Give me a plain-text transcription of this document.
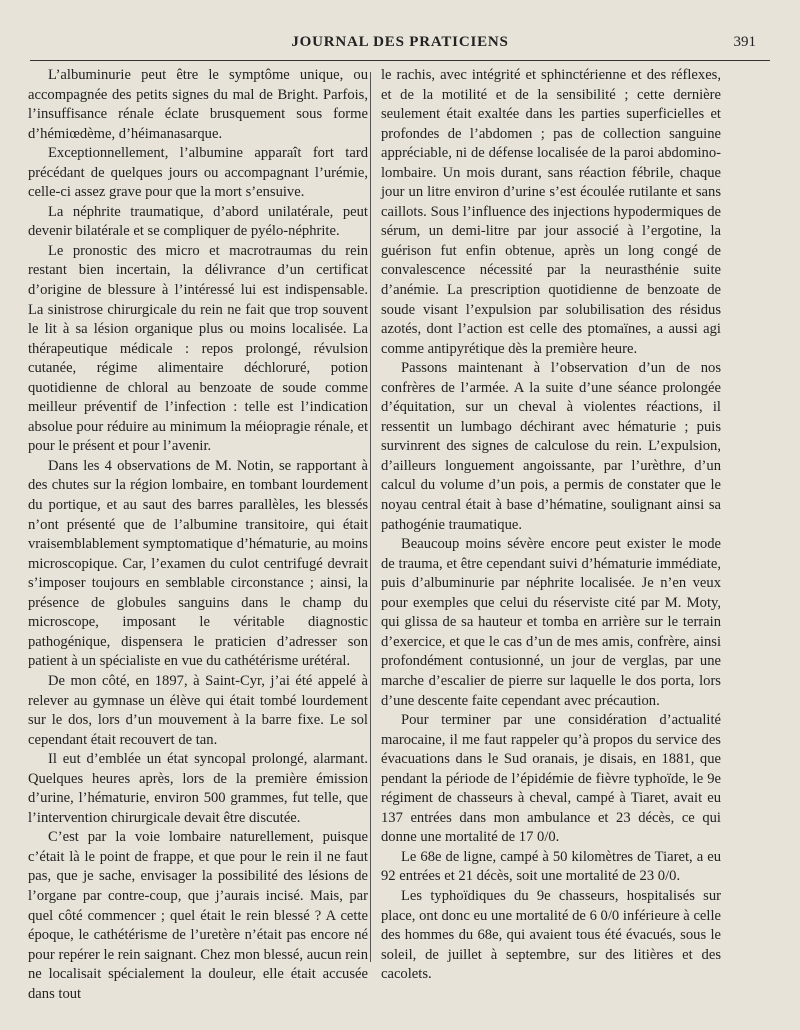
JOURNAL DES PRATICIENS	391

L’albuminurie peut être le symptôme unique, ou accompagnée des petits signes du mal de Bright. Parfois, l’insuffisance rénale éclate brusquement sous forme d’hémiœdème, d’héimanasarque.

Exceptionnellement, l’albumine apparaît fort tard précédant de quelques jours ou accompagnant l’urémie, celle-ci assez grave pour que la mort s’ensuive.

La néphrite traumatique, d’abord unilatérale, peut devenir bilatérale et se compliquer de pyélo-néphrite.

Le pronostic des micro et macrotraumas du rein restant bien incertain, la délivrance d’un certificat d’origine de blessure à l’intéressé lui est indispensable. La sinistrose chirurgicale du rein ne fait que trop souvent le lit à sa lésion organique plus ou moins localisée. La thérapeutique médicale : repos prolongé, révulsion cutanée, régime alimentaire déchloruré, potion quotidienne de chloral au benzoate de soude comme meilleur préventif de l’infection : telle est l’indication absolue pour réduire au minimum la méiopragie rénale, et pour le présent et pour l’avenir.

Dans les 4 observations de M. Notin, se rapportant à des chutes sur la région lombaire, en tombant lourdement du portique, et au saut des barres parallèles, les blessés n’ont présenté que de l’albumine transitoire, qui était vraisemblablement symptomatique d’hématurie, au moins microscopique. Car, l’examen du culot centrifugé devrait s’imposer toujours en semblable circonstance ; ainsi, la présence de globules sanguins dans le champ du microscope, imposant le véritable diagnostic pathogénique, dispensera le praticien d’adresser son patient à un spécialiste en vue du cathétérisme urétéral.

De mon côté, en 1897, à Saint-Cyr, j’ai été appelé à relever au gymnase un élève qui était tombé lourdement sur le dos, lors d’un mouvement à la barre fixe. Le sol cependant était recouvert de tan.

Il eut d’emblée un état syncopal prolongé, alarmant. Quelques heures après, lors de la première émission d’urine, l’hématurie, environ 500 grammes, fut telle, que l’intervention chirurgicale devait être discutée.

C’est par la voie lombaire naturellement, puisque c’était là le point de frappe, et que pour le rein il ne faut pas, que je sache, envisager la possibilité des lésions de l’organe par contre-coup, que j’aurais incisé. Mais, par quel côté commencer ; quel était le rein blessé ? A cette époque, le cathétérisme de l’uretère n’était pas encore né pour repérer le rein saignant. Chez mon blessé, aucun rein ne localisait spécialement la douleur, elle était accusée dans tout

le rachis, avec intégrité et sphinctérienne et des réflexes, et de la motilité et de la sensibilité ; cette dernière seulement était exaltée dans les parties superficielles et profondes de l’abdomen ; pas de collection sanguine appréciable, ni de défense localisée de la paroi abdomino-lombaire. Un mois durant, sans réaction fébrile, chaque jour un litre environ d’urine s’est écoulée rutilante et sans caillots. Sous l’influence des injections hypodermiques de sérum, un demi-litre par jour associé à l’ergotine, la guérison fut enfin obtenue, après un long congé de convalescence nécessité par la neurasthénie suite d’anémie. La prescription quotidienne de benzoate de soude visant l’expulsion par solubilisation des résidus azotés, dont l’action est celle des ptomaïnes, a aussi agi comme antipyrétique dès la première heure.

Passons maintenant à l’observation d’un de nos confrères de l’armée. A la suite d’une séance prolongée d’équitation, sur un cheval à violentes réactions, il ressentit un lumbago déchirant avec hématurie ; puis survinrent des signes de calculose du rein. L’expulsion, d’ailleurs longuement angoissante, par l’urèthre, d’un calcul du volume d’un pois, a permis de constater que le noyau central était à base d’hématine, soulignant ainsi sa pathogénie traumatique.

Beaucoup moins sévère encore peut exister le mode de trauma, et être cependant suivi d’hématurie immédiate, puis d’albuminurie par néphrite localisée. Je n’en veux pour exemples que celui du réserviste cité par M. Moty, qui glissa de sa hauteur et tomba en arrière sur le terrain d’exercice, et que le cas d’un de mes amis, confrère, ainsi profondément contusionné, un jour de verglas, par une marche d’escalier de pierre sur laquelle le dos porta, lors d’une descente faite cependant avec précaution.

Pour terminer par une considération d’actualité marocaine, il me faut rappeler qu’à propos du service des évacuations dans le Sud oranais, je disais, en 1881, que pendant la période de l’épidémie de fièvre typhoïde, le 9e régiment de chasseurs à cheval, campé à Tiaret, avait eu 137 entrées dans mon ambulance et 23 décès, ce qui donne une mortalité de 17 0/0.

Le 68e de ligne, campé à 50 kilomètres de Tiaret, a eu 92 entrées et 21 décès, soit une mortalité de 23 0/0.

Les typhoïdiques du 9e chasseurs, hospitalisés sur place, ont donc eu une mortalité de 6 0/0 inférieure à celle des hommes du 68e, qui avaient tous été évacués, sous le soleil, de juillet à septembre, sur des litières et des cacolets.
